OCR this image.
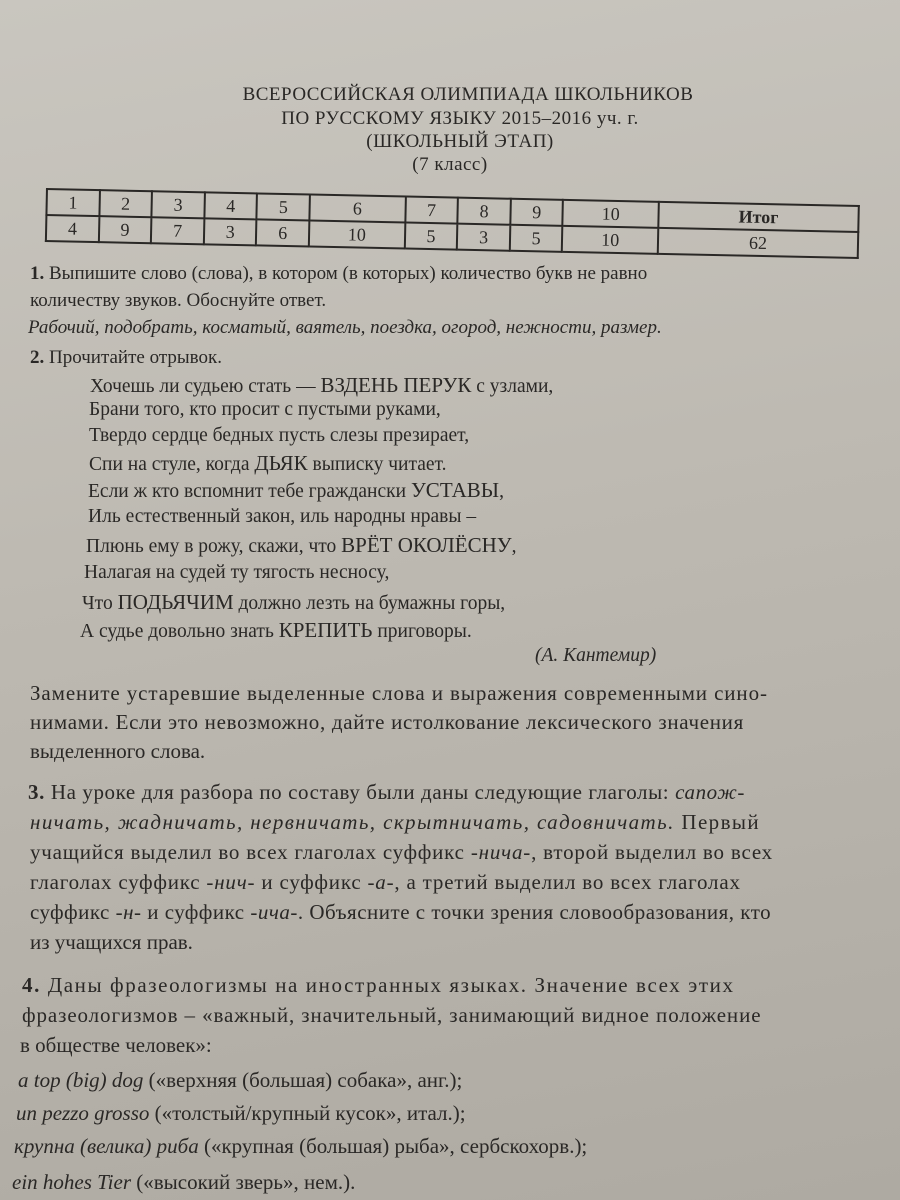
ВСЕРОССИЙСКАЯ ОЛИМПИАДА ШКОЛЬНИКОВ
ПО РУССКОМУ ЯЗЫКУ 2015–2016 уч. г.
(ШКОЛЬНЫЙ ЭТАП)
(7 класс)
1	2	3	4	5	6	7	8	9	10	Итог
4	9	7	3	6	10	5	3	5	10	62
1. Выпишите слово (слова), в котором (в которых) количество букв не равно
количеству звуков. Обоснуйте ответ.
Рабочий, подобрать, косматый, ваятель, поездка, огород, нежности, размер.
2. Прочитайте отрывок.
Хочешь ли судьею стать — ВЗДЕНЬ ПЕРУК с узлами,
Брани того, кто просит с пустыми руками,
Твердо сердце бедных пусть слезы презирает,
Спи на стуле, когда ДЬЯК выписку читает.
Если ж кто вспомнит тебе граждански УСТАВЫ,
Иль естественный закон, иль народны нравы –
Плюнь ему в рожу, скажи, что ВРЁТ ОКОЛЁСНУ,
Налагая на судей ту тягость несносу,
Что ПОДЬЯЧИМ должно лезть на бумажны горы,
А судье довольно знать КРЕПИТЬ приговоры.
(А. Кантемир)
Замените устаревшие выделенные слова и выражения современными сино-
нимами. Если это невозможно, дайте истолкование лексического значения
выделенного слова.
3. На уроке для разбора по составу были даны следующие глаголы: сапож-
ничать, жадничать, нервничать, скрытничать, садовничать. Первый
учащийся выделил во всех глаголах суффикс -нича-, второй выделил во всех
глаголах суффикс -нич- и суффикс -а-, а третий выделил во всех глаголах
суффикс -н- и суффикс -ича-. Объясните с точки зрения словообразования, кто
из учащихся прав.
4. Даны фразеологизмы на иностранных языках. Значение всех этих
фразеологизмов – «важный, значительный, занимающий видное положение
в обществе человек»:
a top (big) dog («верхняя (большая) собака», анг.);
un pezzo grosso («толстый/крупный кусок», итал.);
крупна (велика) риба («крупная (большая) рыба», сербскохорв.);
ein hohes Tier («высокий зверь», нем.).
